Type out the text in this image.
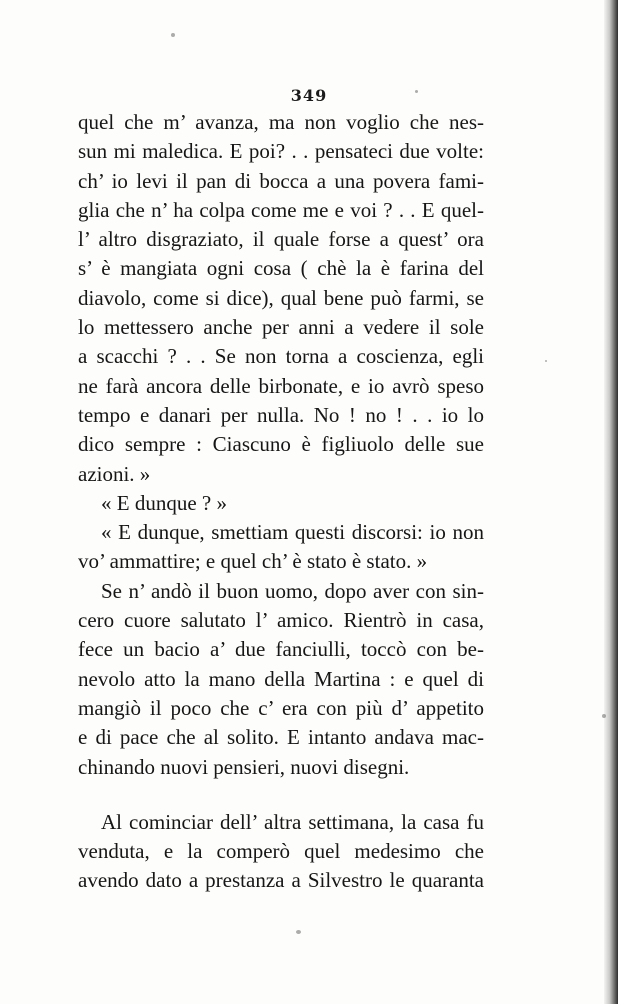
349
quel che m’ avanza, ma non voglio che nes-
sun mi maledica. E poi? . . pensateci due volte:
ch’ io levi il pan di bocca a una povera fami-
glia che n’ ha colpa come me e voi ? . . E quel-
l’ altro disgraziato, il quale forse a quest’ ora
s’ è mangiata ogni cosa ( chè la è farina del
diavolo, come si dice), qual bene può farmi, se
lo mettessero anche per anni a vedere il sole
a scacchi ? . . Se non torna a coscienza, egli
ne farà ancora delle birbonate, e io avrò speso
tempo e danari per nulla. No ! no ! . . io lo
dico sempre : Ciascuno è figliuolo delle sue
azioni. »
« E dunque ? »
« E dunque, smettiam questi discorsi: io non
vo’ ammattire; e quel ch’ è stato è stato. »
Se n’ andò il buon uomo, dopo aver con sin-
cero cuore salutato l’ amico. Rientrò in casa,
fece un bacio a’ due fanciulli, toccò con be-
nevolo atto la mano della Martina : e quel di
mangiò il poco che c’ era con più d’ appetito
e di pace che al solito. E intanto andava mac-
chinando nuovi pensieri, nuovi disegni.
Al cominciar dell’ altra settimana, la casa fu
venduta, e la comperò quel medesimo che
avendo dato a prestanza a Silvestro le quaranta
